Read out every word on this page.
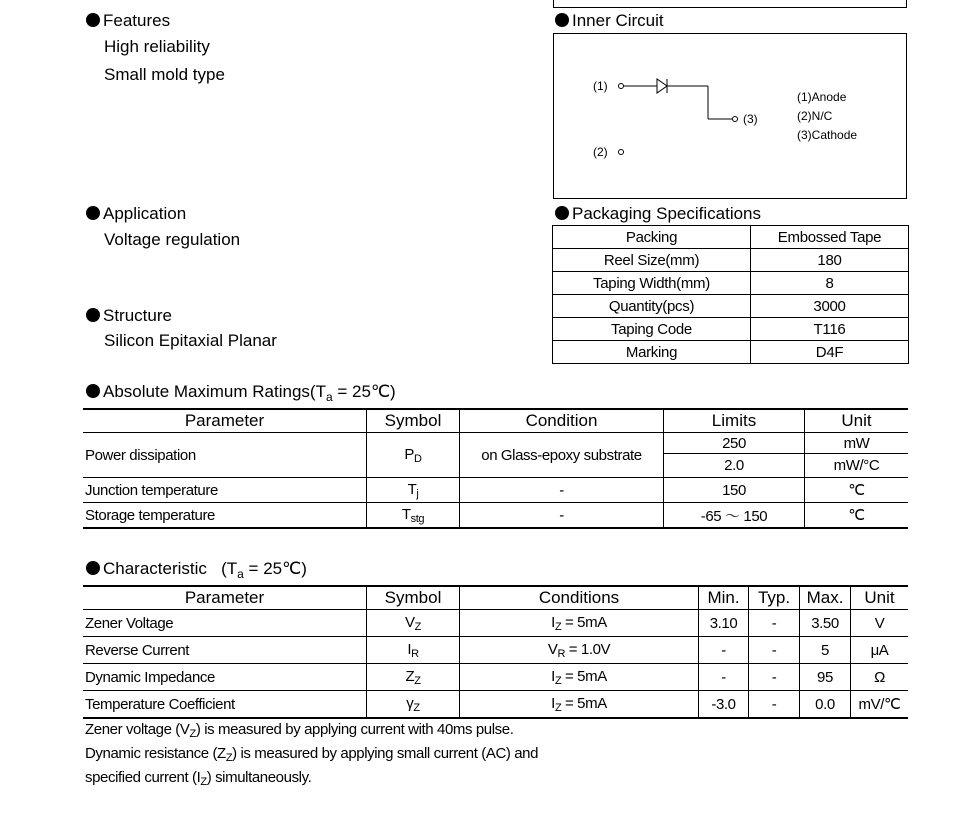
Features
High reliability
Small mold type
Application
Voltage regulation
Structure
Silicon Epitaxial Planar
Inner Circuit
(1)
(3)
(2)
(1)Anode
(2)N/C
(3)Cathode
Packaging Specifications
Packing	Embossed Tape
Reel Size(mm)	180
Taping Width(mm)	8
Quantity(pcs)	3000
Taping Code	T116
Marking	D4F
Absolute Maximum $Ratings(T_a$ = 25℃)
Parameter	Symbol	Condition	Limits	Unit
Power dissipation	$P_D$	on Glass-epoxy substrate	250	mW
			2.0	mW/°C
Junction temperature	$T_j$	-	150	℃
Storage temperature	$T_{stg}$	-	-65 ～ 150	℃
Characteristic ($T_a$ = 25℃)
Parameter	Symbol	Conditions	Min.	Typ.	Max.	Unit
Zener Voltage	$V_Z$	$I_Z = 5mA$	3.10	-	3.50	V
Reverse Current	$I_R$	$V_R = 1.0V$	-	-	5	μA
Dynamic Impedance	$Z_Z$	$I_Z = 5mA$	-	-	95	Ω
Temperature Coefficient	$\gamma_Z$	$I_Z = 5mA$	-3.0	-	0.0	mV/℃
Zener voltage $(V_Z)$ is measured by applying current with 40ms pulse.
Dynamic resistance $(Z_Z)$ is measured by applying small current (AC) and
specified current $(I_Z)$ simultaneously.
